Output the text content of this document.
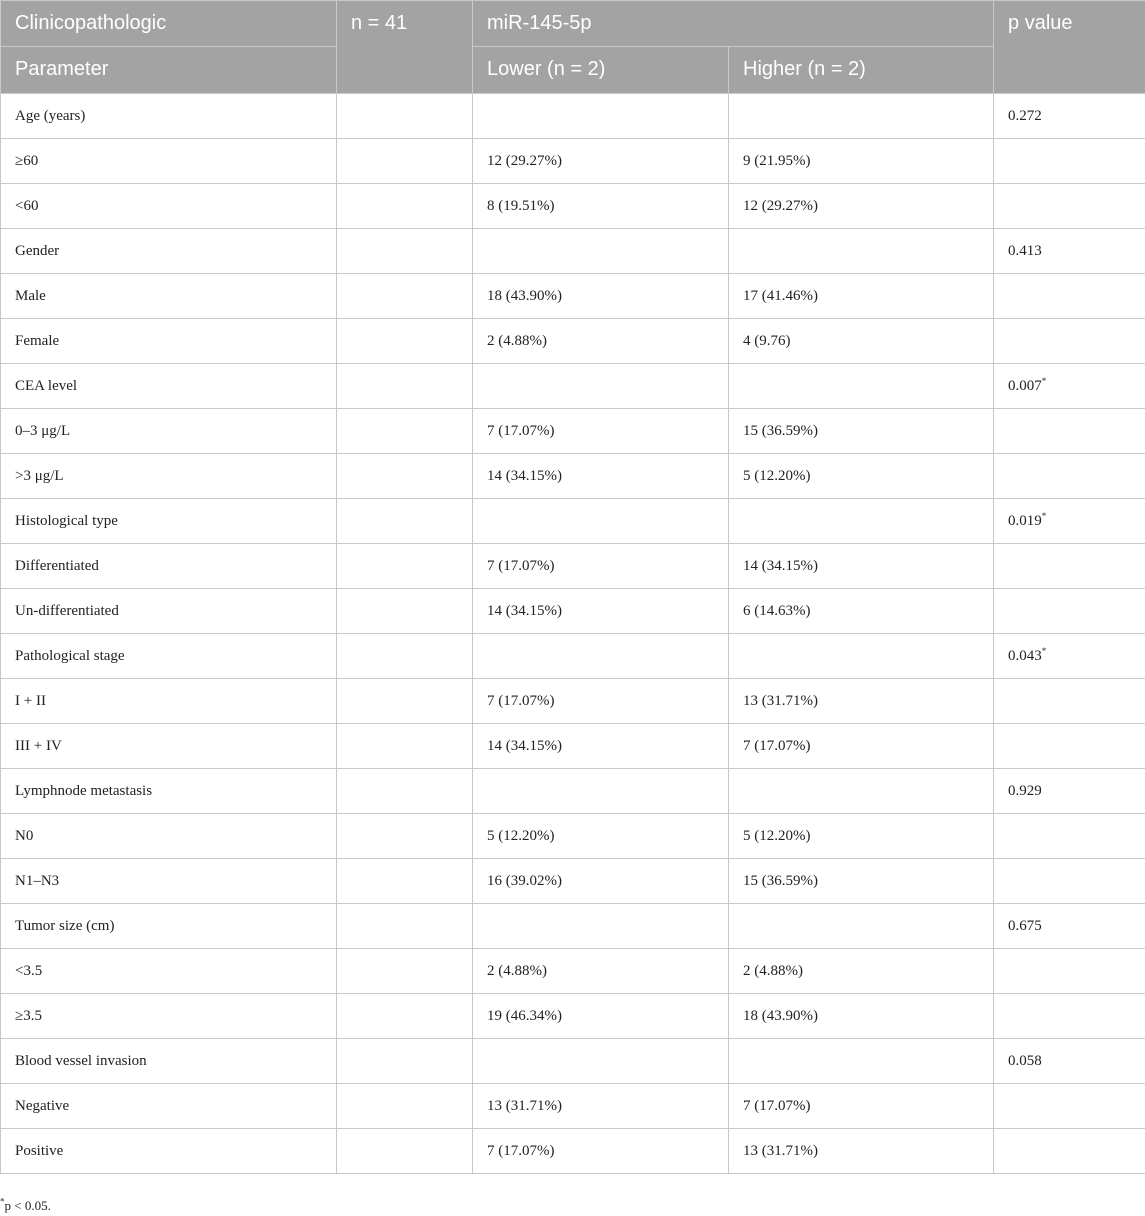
Clinicopathologic	n = 41	miR-145-5p		p value
Parameter		Lower (n = 2)	Higher (n = 2)	
Age (years)				0.272
≥60		12 (29.27%)	9 (21.95%)	
<60		8 (19.51%)	12 (29.27%)	
Gender				0.413
Male		18 (43.90%)	17 (41.46%)	
Female		2 (4.88%)	4 (9.76)	
CEA level				0.007*
0–3 μg/L		7 (17.07%)	15 (36.59%)	
>3 μg/L		14 (34.15%)	5 (12.20%)	
Histological type				0.019*
Differentiated		7 (17.07%)	14 (34.15%)	
Un-differentiated		14 (34.15%)	6 (14.63%)	
Pathological stage				0.043*
I + II		7 (17.07%)	13 (31.71%)	
III + IV		14 (34.15%)	7 (17.07%)	
Lymphnode metastasis				0.929
N0		5 (12.20%)	5 (12.20%)	
N1–N3		16 (39.02%)	15 (36.59%)	
Tumor size (cm)				0.675
<3.5		2 (4.88%)	2 (4.88%)	
≥3.5		19 (46.34%)	18 (43.90%)	
Blood vessel invasion				0.058
Negative		13 (31.71%)	7 (17.07%)	
Positive		7 (17.07%)	13 (31.71%)	
*p < 0.05.
